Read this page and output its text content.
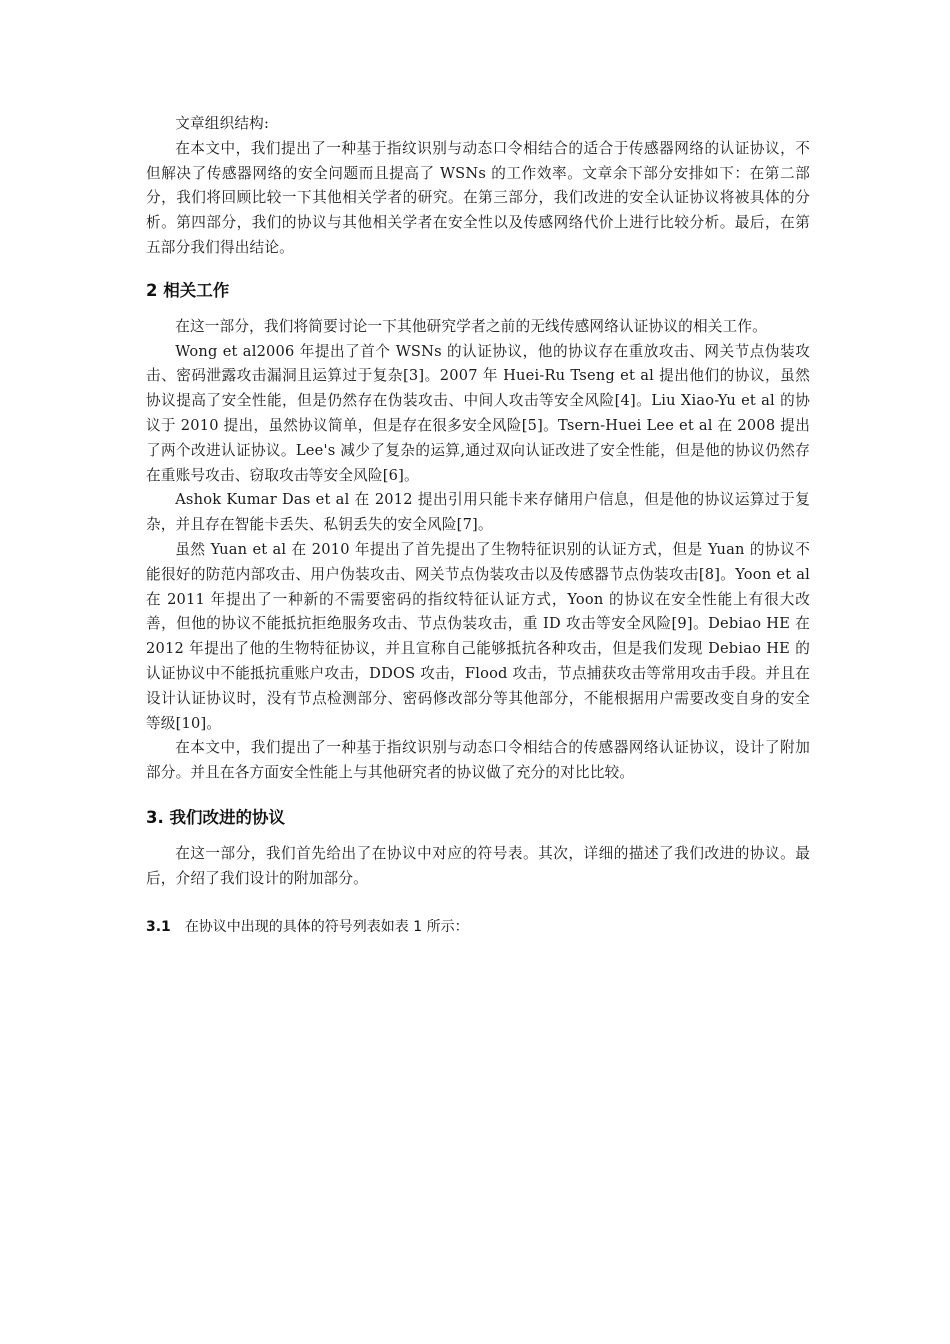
文章组织结构:

在本文中，我们提出了一种基于指纹识别与动态口令相结合的适合于传感器网络的认证协议，不但解决了传感器网络的安全问题而且提高了 WSNs 的工作效率。文章余下部分安排如下：在第二部分，我们将回顾比较一下其他相关学者的研究。在第三部分，我们改进的安全认证协议将被具体的分析。第四部分，我们的协议与其他相关学者在安全性以及传感网络代价上进行比较分析。最后，在第五部分我们得出结论。

2 相关工作

在这一部分，我们将简要讨论一下其他研究学者之前的无线传感网络认证协议的相关工作。

Wong et al2006 年提出了首个 WSNs 的认证协议，他的协议存在重放攻击、网关节点伪装攻击、密码泄露攻击漏洞且运算过于复杂[3]。2007 年 Huei-Ru Tseng et al 提出他们的协议，虽然协议提高了安全性能，但是仍然存在伪装攻击、中间人攻击等安全风险[4]。Liu Xiao-Yu et al 的协议于 2010 提出，虽然协议简单，但是存在很多安全风险[5]。Tsern-Huei Lee et al 在 2008 提出了两个改进认证协议。Lee's 减少了复杂的运算,通过双向认证改进了安全性能，但是他的协议仍然存在重账号攻击、窃取攻击等安全风险[6]。

Ashok Kumar Das et al 在 2012 提出引用只能卡来存储用户信息，但是他的协议运算过于复杂，并且存在智能卡丢失、私钥丢失的安全风险[7]。

虽然 Yuan et al 在 2010 年提出了首先提出了生物特征识别的认证方式，但是 Yuan 的协议不能很好的防范内部攻击、用户伪装攻击、网关节点伪装攻击以及传感器节点伪装攻击[8]。Yoon et al 在 2011 年提出了一种新的不需要密码的指纹特征认证方式，Yoon 的协议在安全性能上有很大改善，但他的协议不能抵抗拒绝服务攻击、节点伪装攻击，重 ID 攻击等安全风险[9]。Debiao HE 在 2012 年提出了他的生物特征协议，并且宣称自己能够抵抗各种攻击，但是我们发现 Debiao HE 的认证协议中不能抵抗重账户攻击，DDOS 攻击，Flood 攻击，节点捕获攻击等常用攻击手段。并且在设计认证协议时，没有节点检测部分、密码修改部分等其他部分，不能根据用户需要改变自身的安全等级[10]。

在本文中，我们提出了一种基于指纹识别与动态口令相结合的传感器网络认证协议，设计了附加部分。并且在各方面安全性能上与其他研究者的协议做了充分的对比比较。

3. 我们改进的协议

在这一部分，我们首先给出了在协议中对应的符号表。其次，详细的描述了我们改进的协议。最后，介绍了我们设计的附加部分。

3.1 在协议中出现的具体的符号列表如表 1 所示：
